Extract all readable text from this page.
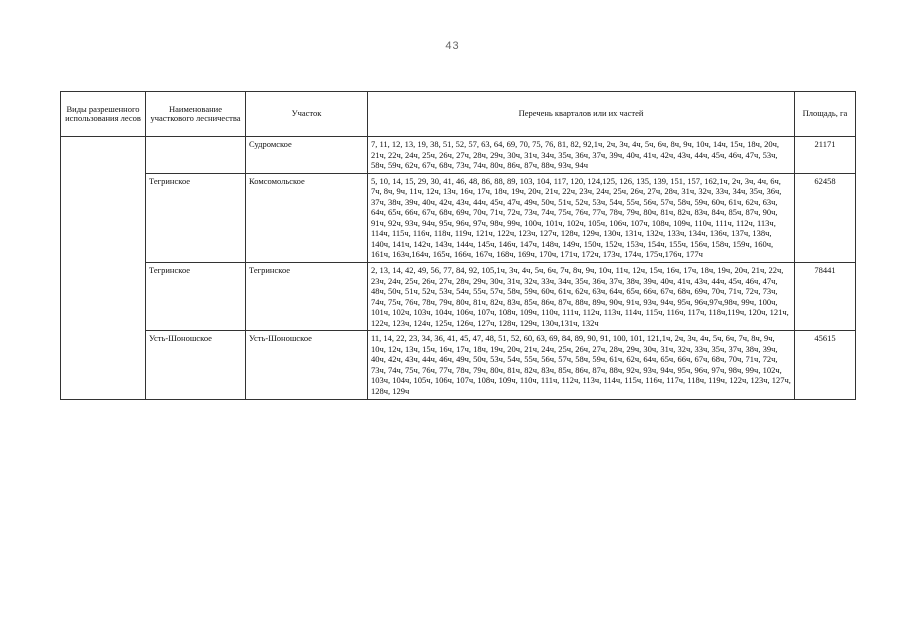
43
Виды разрешенного использования лесов	Наименование участкового лесничества	Участок	Перечень кварталов или их частей	Площадь, га
		Судромское	7, 11, 12, 13, 19, 38, 51, 52, 57, 63, 64, 69, 70, 75, 76, 81, 82, 92,1ч, 2ч, 3ч, 4ч, 5ч, 6ч, 8ч, 9ч, 10ч, 14ч, 15ч, 18ч, 20ч, 21ч, 22ч, 24ч, 25ч, 26ч, 27ч, 28ч, 29ч, 30ч, 31ч, 34ч, 35ч, 36ч, 37ч, 39ч, 40ч, 41ч, 42ч, 43ч, 44ч, 45ч, 46ч, 47ч, 53ч, 58ч, 59ч, 62ч, 67ч, 68ч, 73ч, 74ч, 80ч, 86ч, 87ч, 88ч, 93ч, 94ч	21171
	Тегринское	Комсомольское	5, 10, 14, 15, 29, 30, 41, 46, 48, 86, 88, 89, 103, 104, 117, 120, 124,125, 126, 135, 139, 151, 157, 162,1ч, 2ч, 3ч, 4ч, 6ч, 7ч, 8ч, 9ч, 11ч, 12ч, 13ч, 16ч, 17ч, 18ч, 19ч, 20ч, 21ч, 22ч, 23ч, 24ч, 25ч, 26ч, 27ч, 28ч, 31ч, 32ч, 33ч, 34ч, 35ч, 36ч, 37ч, 38ч, 39ч, 40ч, 42ч, 43ч, 44ч, 45ч, 47ч, 49ч, 50ч, 51ч, 52ч, 53ч, 54ч, 55ч, 56ч, 57ч, 58ч, 59ч, 60ч, 61ч, 62ч, 63ч, 64ч, 65ч, 66ч, 67ч, 68ч, 69ч, 70ч, 71ч, 72ч, 73ч, 74ч, 75ч, 76ч, 77ч, 78ч, 79ч, 80ч, 81ч, 82ч, 83ч, 84ч, 85ч, 87ч, 90ч, 91ч, 92ч, 93ч, 94ч, 95ч, 96ч, 97ч, 98ч, 99ч, 100ч, 101ч, 102ч, 105ч, 106ч, 107ч, 108ч, 109ч, 110ч, 111ч, 112ч, 113ч, 114ч, 115ч, 116ч, 118ч, 119ч, 121ч, 122ч, 123ч, 127ч, 128ч, 129ч, 130ч, 131ч, 132ч, 133ч, 134ч, 136ч, 137ч, 138ч, 140ч, 141ч, 142ч, 143ч, 144ч, 145ч, 146ч, 147ч, 148ч, 149ч, 150ч, 152ч, 153ч, 154ч, 155ч, 156ч, 158ч, 159ч, 160ч, 161ч, 163ч,164ч, 165ч, 166ч, 167ч, 168ч, 169ч, 170ч, 171ч, 172ч, 173ч, 174ч, 175ч,176ч, 177ч	62458
	Тегринское	Тегринское	2, 13, 14, 42, 49, 56, 77, 84, 92, 105,1ч, 3ч, 4ч, 5ч, 6ч, 7ч, 8ч, 9ч, 10ч, 11ч, 12ч, 15ч, 16ч, 17ч, 18ч, 19ч, 20ч, 21ч, 22ч, 23ч, 24ч, 25ч, 26ч, 27ч, 28ч, 29ч, 30ч, 31ч, 32ч, 33ч, 34ч, 35ч, 36ч, 37ч, 38ч, 39ч, 40ч, 41ч, 43ч, 44ч, 45ч, 46ч, 47ч, 48ч, 50ч, 51ч, 52ч, 53ч, 54ч, 55ч, 57ч, 58ч, 59ч, 60ч, 61ч, 62ч, 63ч, 64ч, 65ч, 66ч, 67ч, 68ч, 69ч, 70ч, 71ч, 72ч, 73ч, 74ч, 75ч, 76ч, 78ч, 79ч, 80ч, 81ч, 82ч, 83ч, 85ч, 86ч, 87ч, 88ч, 89ч, 90ч, 91ч, 93ч, 94ч, 95ч, 96ч,97ч,98ч, 99ч, 100ч, 101ч, 102ч, 103ч, 104ч, 106ч, 107ч, 108ч, 109ч, 110ч, 111ч, 112ч, 113ч, 114ч, 115ч, 116ч, 117ч, 118ч,119ч, 120ч, 121ч, 122ч, 123ч, 124ч, 125ч, 126ч, 127ч, 128ч, 129ч, 130ч,131ч, 132ч	78441
	Усть-Шоношское	Усть-Шоношское	11, 14, 22, 23, 34, 36, 41, 45, 47, 48, 51, 52, 60, 63, 69, 84, 89, 90, 91, 100, 101, 121,1ч, 2ч, 3ч, 4ч, 5ч, 6ч, 7ч, 8ч, 9ч, 10ч, 12ч, 13ч, 15ч, 16ч, 17ч, 18ч, 19ч, 20ч, 21ч, 24ч, 25ч, 26ч, 27ч, 28ч, 29ч, 30ч, 31ч, 32ч, 33ч, 35ч, 37ч, 38ч, 39ч, 40ч, 42ч, 43ч, 44ч, 46ч, 49ч, 50ч, 53ч, 54ч, 55ч, 56ч, 57ч, 58ч, 59ч, 61ч, 62ч, 64ч, 65ч, 66ч, 67ч, 68ч, 70ч, 71ч, 72ч, 73ч, 74ч, 75ч, 76ч, 77ч, 78ч, 79ч, 80ч, 81ч, 82ч, 83ч, 85ч, 86ч, 87ч, 88ч, 92ч, 93ч, 94ч, 95ч, 96ч, 97ч, 98ч, 99ч, 102ч, 103ч, 104ч, 105ч, 106ч, 107ч, 108ч, 109ч, 110ч, 111ч, 112ч, 113ч, 114ч, 115ч, 116ч, 117ч, 118ч, 119ч, 122ч, 123ч, 127ч, 128ч, 129ч	45615
